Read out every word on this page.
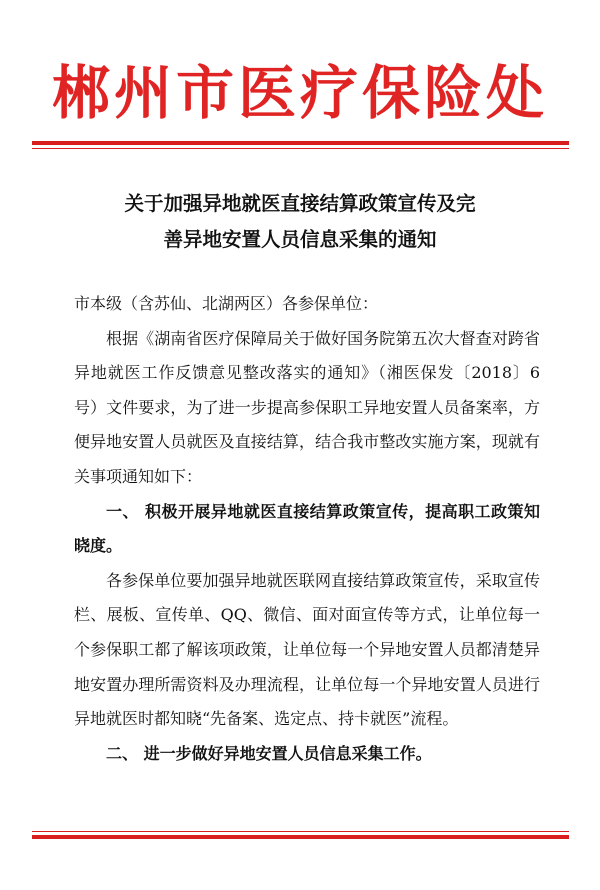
郴州市医疗保险处
关于加强异地就医直接结算政策宣传及完
善异地安置人员信息采集的通知

市本级（含苏仙、北湖两区）各参保单位：

根据《湖南省医疗保障局关于做好国务院第五次大督查对跨省异地就医工作反馈意见整改落实的通知》（湘医保发〔2018〕6 号）文件要求，为了进一步提高参保职工异地安置人员备案率，方便异地安置人员就医及直接结算，结合我市整改实施方案，现就有关事项通知如下：

一、 积极开展异地就医直接结算政策宣传，提高职工政策知晓度。

各参保单位要加强异地就医联网直接结算政策宣传，采取宣传栏、展板、宣传单、QQ、微信、面对面宣传等方式，让单位每一个参保职工都了解该项政策，让单位每一个异地安置人员都清楚异地安置办理所需资料及办理流程，让单位每一个异地安置人员进行异地就医时都知晓“先备案、选定点、持卡就医”流程。

二、 进一步做好异地安置人员信息采集工作。
